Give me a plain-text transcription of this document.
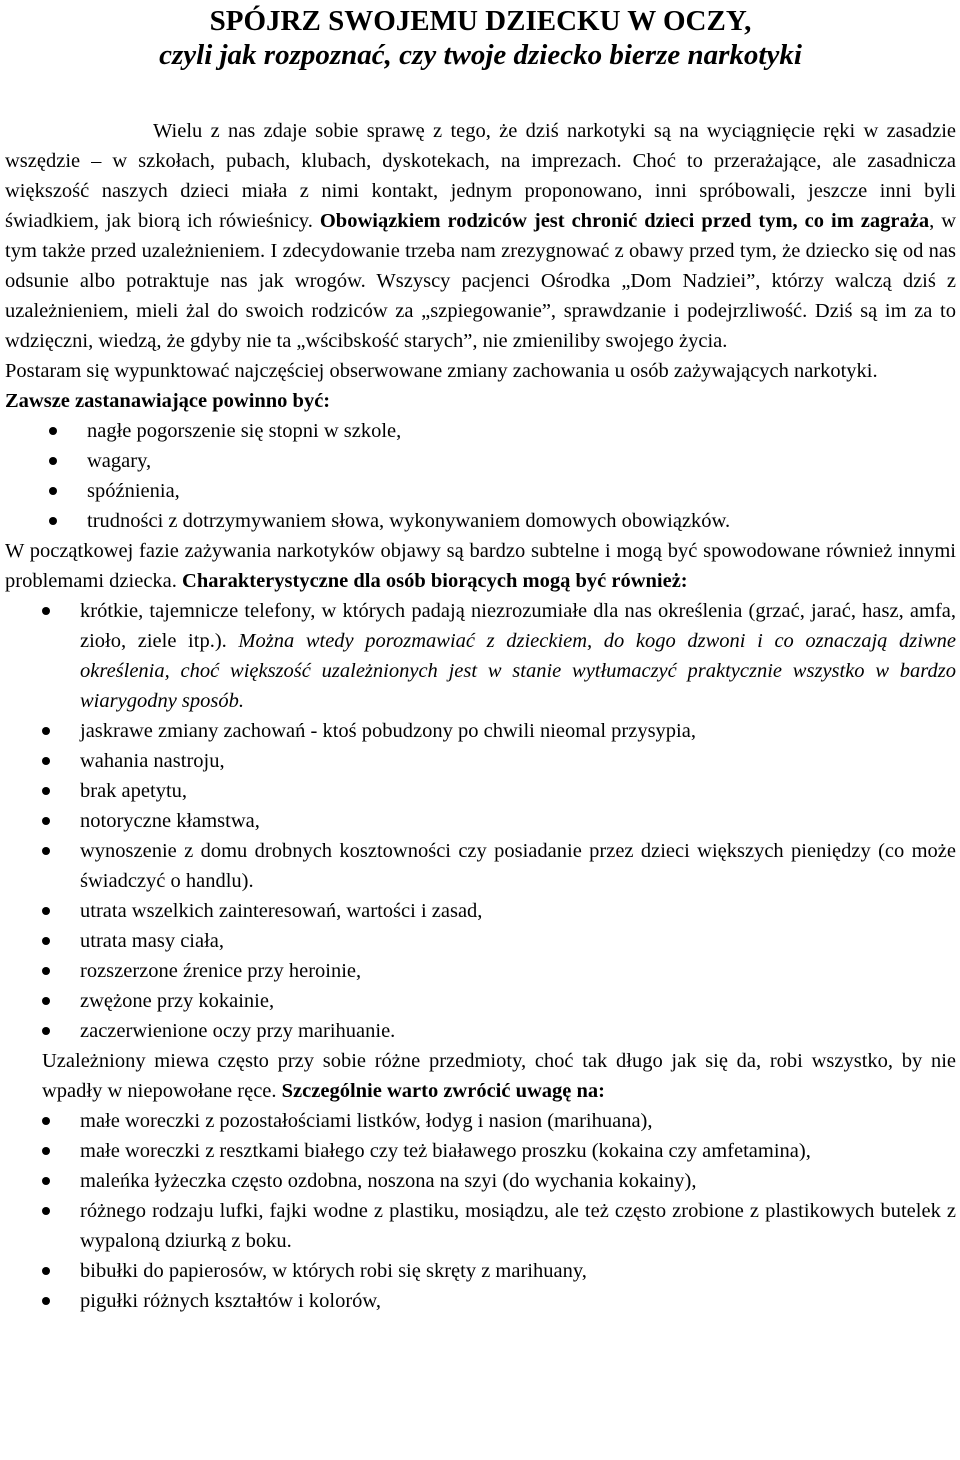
SPÓJRZ SWOJEMU DZIECKU W OCZY,
czyli jak rozpoznać, czy twoje dziecko bierze narkotyki

Wielu z nas zdaje sobie sprawę z tego, że dziś narkotyki są na wyciągnięcie ręki w zasadzie wszędzie – w szkołach, pubach, klubach, dyskotekach, na imprezach. Choć to przerażające, ale zasadnicza większość naszych dzieci miała z nimi kontakt, jednym proponowano, inni spróbowali, jeszcze inni byli świadkiem, jak biorą ich rówieśnicy. Obowiązkiem rodziców jest chronić dzieci przed tym, co im zagraża, w tym także przed uzależnieniem. I zdecydowanie trzeba nam zrezygnować z obawy przed tym, że dziecko się od nas odsunie albo potraktuje nas jak wrogów. Wszyscy pacjenci Ośrodka „Dom Nadziei”, którzy walczą dziś z uzależnieniem, mieli żal do swoich rodziców za „szpiegowanie”, sprawdzanie i podejrzliwość. Dziś są im za to wdzięczni, wiedzą, że gdyby nie ta „wścibskość starych”, nie zmieniliby swojego życia.

Postaram się wypunktować najczęściej obserwowane zmiany zachowania u osób zażywających narkotyki.

Zawsze zastanawiające powinno być:

nagłe pogorszenie się stopni w szkole,
wagary,
spóźnienia,
trudności z dotrzymywaniem słowa, wykonywaniem domowych obowiązków.

W początkowej fazie zażywania narkotyków objawy są bardzo subtelne i mogą być spowodowane również innymi problemami dziecka. Charakterystyczne dla osób biorących mogą być również:

krótkie, tajemnicze telefony, w których padają niezrozumiałe dla nas określenia (grzać, jarać, hasz, amfa, zioło, ziele itp.). Można wtedy porozmawiać z dzieckiem, do kogo dzwoni i co oznaczają dziwne określenia, choć większość uzależnionych jest w stanie wytłumaczyć praktycznie wszystko w bardzo wiarygodny sposób.
jaskrawe zmiany zachowań - ktoś pobudzony po chwili nieomal przysypia,
wahania nastroju,
brak apetytu,
notoryczne kłamstwa,
wynoszenie z domu drobnych kosztowności czy posiadanie przez dzieci większych pieniędzy (co może świadczyć o handlu).
utrata wszelkich zainteresowań, wartości i zasad,
utrata masy ciała,
rozszerzone źrenice przy heroinie,
zwężone przy kokainie,
zaczerwienione oczy przy marihuanie.

Uzależniony miewa często przy sobie różne przedmioty, choć tak długo jak się da, robi wszystko, by nie wpadły w niepowołane ręce. Szczególnie warto zwrócić uwagę na:

małe woreczki z pozostałościami listków, łodyg i nasion (marihuana),
małe woreczki z resztkami białego czy też białawego proszku (kokaina czy amfetamina),
maleńka łyżeczka często ozdobna, noszona na szyi (do wychania kokainy),
różnego rodzaju lufki, fajki wodne z plastiku, mosiądzu, ale też często zrobione z plastikowych butelek z wypaloną dziurką z boku.
bibułki do papierosów, w których robi się skręty z marihuany,
pigułki różnych kształtów i kolorów,
